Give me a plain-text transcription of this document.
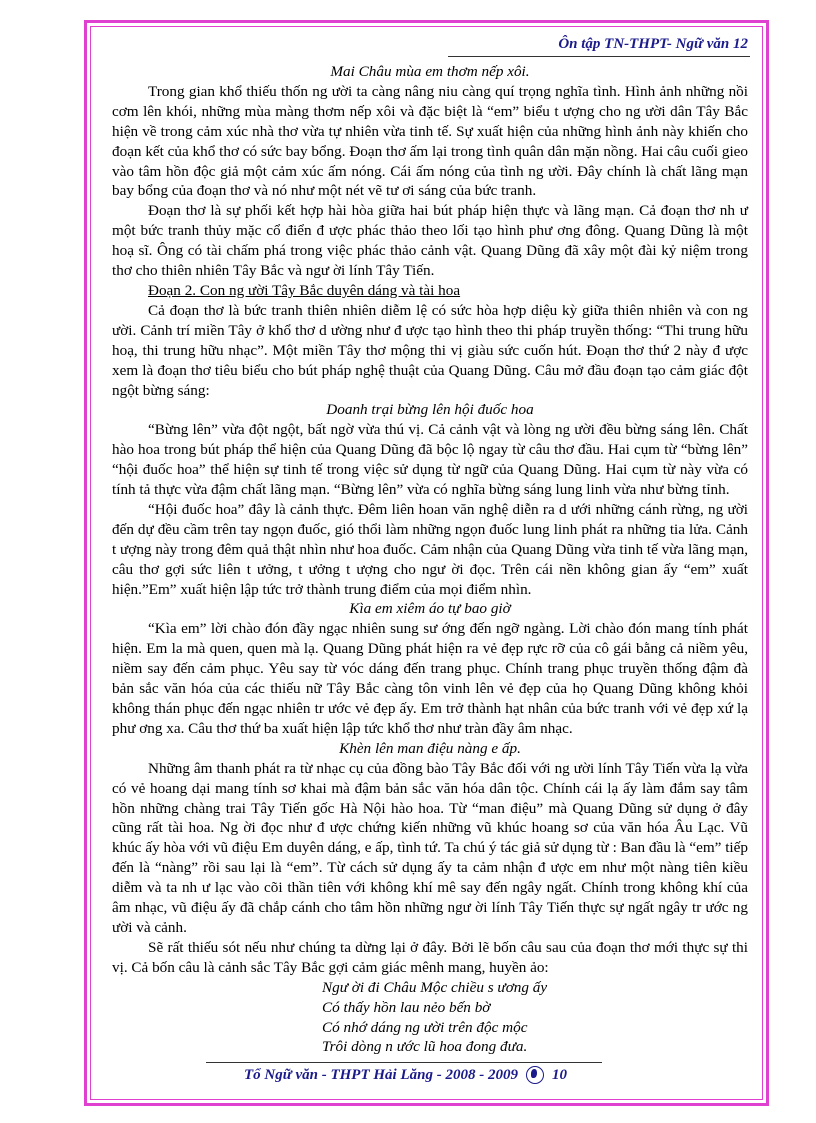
Ôn tập TN-THPT- Ngữ văn 12

Mai Châu mùa em thơm nếp xôi.

Trong gian khổ thiếu thốn ng ười ta càng nâng niu càng quí trọng nghĩa tình. Hình ảnh những nồi cơm lên khói, những mùa màng thơm nếp xôi và đặc biệt là “em” biểu t ượng cho ng ười dân Tây Bắc hiện về trong cảm xúc nhà thơ vừa tự nhiên vừa tinh tế. Sự xuất hiện của những hình ảnh này khiến cho đoạn kết của khổ thơ có sức bay bổng. Đoạn thơ ấm lại trong tình quân dân mặn nồng. Hai câu cuối gieo vào tâm hồn độc giả một cảm xúc ấm nóng. Cái ấm nóng của tình ng ười. Đây chính là chất lãng mạn bay bổng của đoạn thơ và nó như một nét vẽ tư ơi sáng của bức tranh.

Đoạn thơ là sự phối kết hợp hài hòa giữa hai bút pháp hiện thực và lãng mạn. Cả đoạn thơ nh ư một bức tranh thủy mặc cổ điển đ ược phác thảo theo lối tạo hình phư ơng đông. Quang Dũng là một hoạ sĩ. Ông có tài chấm phá trong việc phác thảo cảnh vật. Quang Dũng đã xây một đài kỷ niệm trong thơ cho thiên nhiên Tây Bắc và ngư ời lính Tây Tiến.

Đoạn 2. Con ng ười Tây Bắc duyên dáng và tài hoa

Cả đoạn thơ là bức tranh thiên nhiên diễm lệ có sức hòa hợp diệu kỳ giữa thiên nhiên và con ng ười. Cảnh trí miền Tây ở khổ thơ d ường như đ ược tạo hình theo thi pháp truyền thống: “Thi trung hữu hoạ, thi trung hữu nhạc”. Một miền Tây thơ mộng thi vị giàu sức cuốn hút. Đoạn thơ thứ 2 này đ ược xem là đoạn thơ tiêu biểu cho bút pháp nghệ thuật của Quang Dũng. Câu mở đầu đoạn tạo cảm giác đột ngột bừng sáng:

Doanh trại bừng lên hội đuốc hoa

“Bừng lên” vừa đột ngột, bất ngờ vừa thú vị. Cả cảnh vật và lòng ng ười đều bừng sáng lên. Chất hào hoa trong bút pháp thể hiện của Quang Dũng đã bộc lộ ngay từ câu thơ đầu. Hai cụm từ “bừng lên” “hội đuốc hoa” thể hiện sự tinh tế trong việc sử dụng từ ngữ của Quang Dũng. Hai cụm từ này vừa có tính tả thực vừa đậm chất lãng mạn. “Bừng lên” vừa có nghĩa bừng sáng lung linh vừa như bừng tỉnh.

“Hội đuốc hoa” đây là cảnh thực. Đêm liên hoan văn nghệ diễn ra d ưới những cánh rừng, ng ười đến dự đều cầm trên tay ngọn đuốc, gió thổi làm những ngọn đuốc lung linh phát ra những tia lửa. Cảnh t ượng này trong đêm quả thật nhìn như hoa đuốc. Cảm nhận của Quang Dũng vừa tinh tế vừa lãng mạn, câu thơ gợi sức liên t ưởng, t ưởng t ượng cho ngư ời đọc. Trên cái nền không gian ấy “em” xuất hiện.”Em” xuất hiện lập tức trở thành trung điểm của mọi điểm nhìn.

Kìa em xiêm áo tự bao giờ

“Kìa em” lời chào đón đầy ngạc nhiên sung sư ớng đến ngỡ ngàng. Lời chào đón mang tính phát hiện. Em la mà quen, quen mà lạ. Quang Dũng phát hiện ra vẻ đẹp rực rỡ của cô gái bằng cả niềm yêu, niềm say đến cảm phục. Yêu say từ vóc dáng đến trang phục. Chính trang phục truyền thống đậm đà bản sắc văn hóa của các thiếu nữ Tây Bắc càng tôn vinh lên vẻ đẹp của họ Quang Dũng không khỏi không thán phục đến ngạc nhiên tr ước vẻ đẹp ấy. Em trở thành hạt nhân của bức tranh với vẻ đẹp xứ lạ phư ơng xa. Câu thơ thứ ba xuất hiện lập tức khổ thơ như tràn đầy âm nhạc.

Khèn lên man điệu nàng e ấp.

Những âm thanh phát ra từ nhạc cụ của đồng bào Tây Bắc đối với ng ười lính Tây Tiến vừa lạ vừa có vẻ hoang dại mang tính sơ khai mà đậm bản sắc văn hóa dân tộc. Chính cái lạ ấy làm đắm say tâm hồn những chàng trai Tây Tiến gốc Hà Nội hào hoa. Từ “man điệu” mà Quang Dũng sử dụng ở đây cũng rất tài hoa. Ng ời đọc như đ ược chứng kiến những vũ khúc hoang sơ của văn hóa Âu Lạc. Vũ khúc ấy hòa với vũ điệu Em duyên dáng, e ấp, tình tứ. Ta chú ý tác giả sử dụng từ : Ban đầu là “em” tiếp đến là “nàng” rồi sau lại là “em”. Từ cách sử dụng ấy ta cảm nhận đ ược em như một nàng tiên kiều diễm và ta nh ư lạc vào cõi thần tiên với không khí mê say đến ngây ngất. Chính trong không khí của âm nhạc, vũ điệu ấy đã chắp cánh cho tâm hồn những ngư ời lính Tây Tiến thực sự ngất ngây tr ước ng ười và cảnh.

Sẽ rất thiếu sót nếu như chúng ta dừng lại ở đây. Bởi lẽ bốn câu sau của đoạn thơ mới thực sự thi vị. Cả bốn câu là cảnh sắc Tây Bắc gợi cảm giác mênh mang, huyền ảo:

Ngư ời đi Châu Mộc chiều s ương ấy

Có thấy hồn lau nẻo bến bờ

Có nhớ dáng ng ười trên độc mộc

Trôi dòng n ước lũ hoa đong đưa.

Tổ Ngữ văn - THPT Hải Lăng - 2008 - 2009 10
